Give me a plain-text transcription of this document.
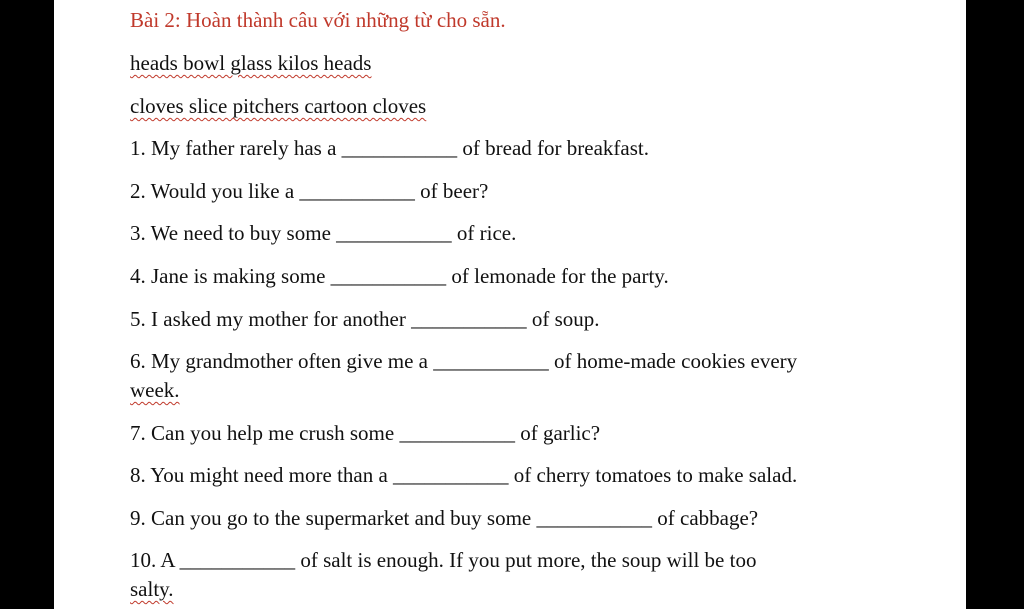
Bài 2: Hoàn thành câu với những từ cho sẵn.

heads bowl glass kilos heads

cloves slice pitchers cartoon cloves

1. My father rarely has a ___________ of bread for breakfast.

2. Would you like a ___________ of beer?

3. We need to buy some ___________ of rice.

4. Jane is making some ___________ of lemonade for the party.

5. I asked my mother for another ___________ of soup.

6. My grandmother often give me a ___________ of home-made cookies every

week.

7. Can you help me crush some ___________ of garlic?

8. You might need more than a ___________ of cherry tomatoes to make salad.

9. Can you go to the supermarket and buy some ___________ of cabbage?

10. A ___________ of salt is enough. If you put more, the soup will be too

salty.
